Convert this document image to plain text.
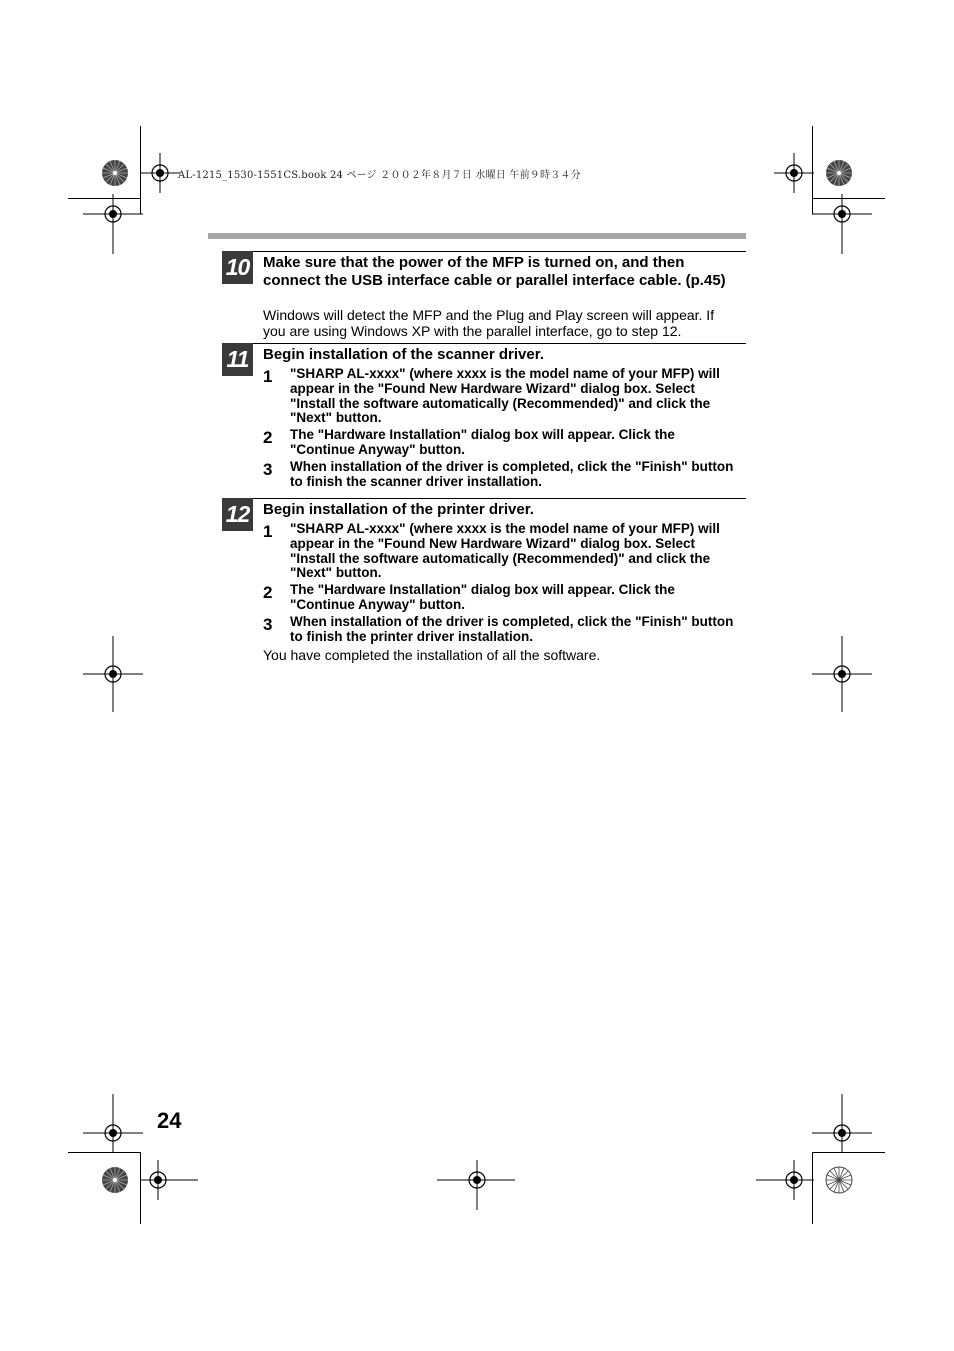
AL-1215_1530-1551CS.book 24 ページ ２００２年８月７日 水曜日 午前９時３４分
10 Make sure that the power of the MFP is turned on, and then connect the USB interface cable or parallel interface cable. (p.45)
Windows will detect the MFP and the Plug and Play screen will appear. If you are using Windows XP with the parallel interface, go to step 12.
11 Begin installation of the scanner driver.
1 "SHARP AL-xxxx" (where xxxx is the model name of your MFP) will appear in the "Found New Hardware Wizard" dialog box. Select "Install the software automatically (Recommended)" and click the "Next" button.
2 The "Hardware Installation" dialog box will appear. Click the "Continue Anyway" button.
3 When installation of the driver is completed, click the "Finish" button to finish the scanner driver installation.
12 Begin installation of the printer driver.
1 "SHARP AL-xxxx" (where xxxx is the model name of your MFP) will appear in the "Found New Hardware Wizard" dialog box. Select "Install the software automatically (Recommended)" and click the "Next" button.
2 The "Hardware Installation" dialog box will appear. Click the "Continue Anyway" button.
3 When installation of the driver is completed, click the "Finish" button to finish the printer driver installation.
You have completed the installation of all the software.
24
